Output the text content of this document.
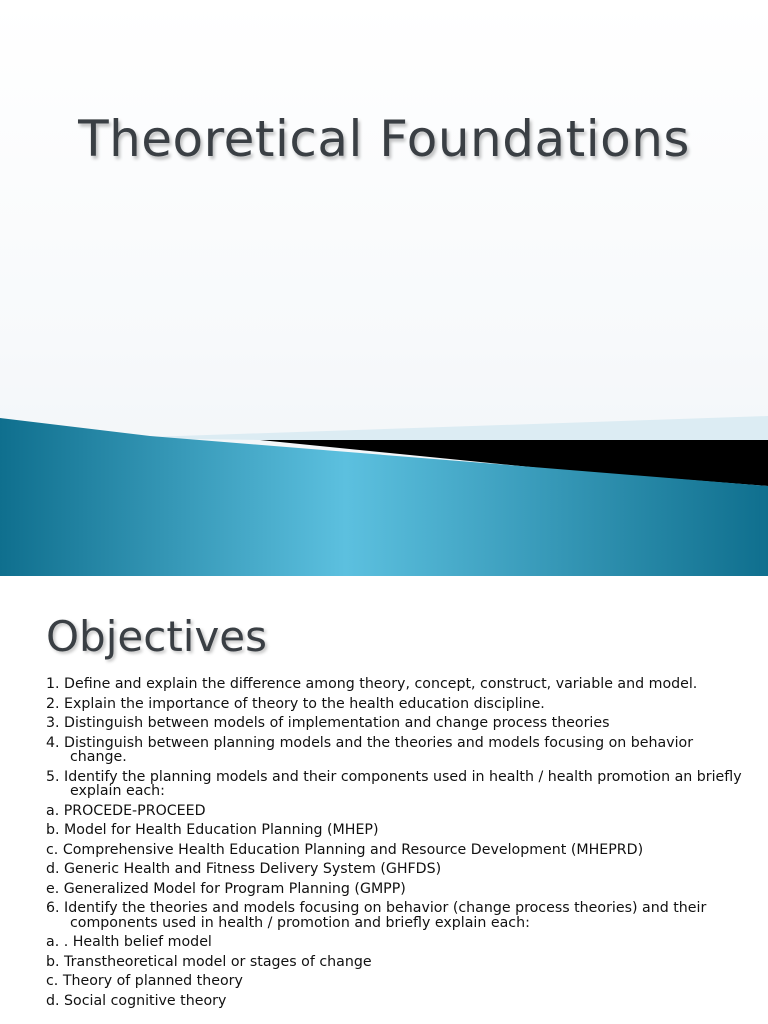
Theoretical Foundations
Objectives
1. Define and explain the difference among theory, concept, construct, variable and model.
2. Explain the importance of theory to the health education discipline.
3. Distinguish between models of implementation and change process theories
4. Distinguish between planning models and the theories and models focusing on behavior change.
5. Identify the planning models and their components used in health / health promotion an briefly explain each:
a. PROCEDE-PROCEED
b. Model for Health Education Planning (MHEP)
c. Comprehensive Health Education Planning and Resource Development (MHEPRD)
d. Generic Health and Fitness Delivery System (GHFDS)
e. Generalized Model for Program Planning (GMPP)
6. Identify the theories and models focusing on behavior (change process theories) and their components used in health / promotion and briefly explain each:
a. . Health belief model
b. Transtheoretical model or stages of change
c. Theory of planned theory
d. Social cognitive theory
